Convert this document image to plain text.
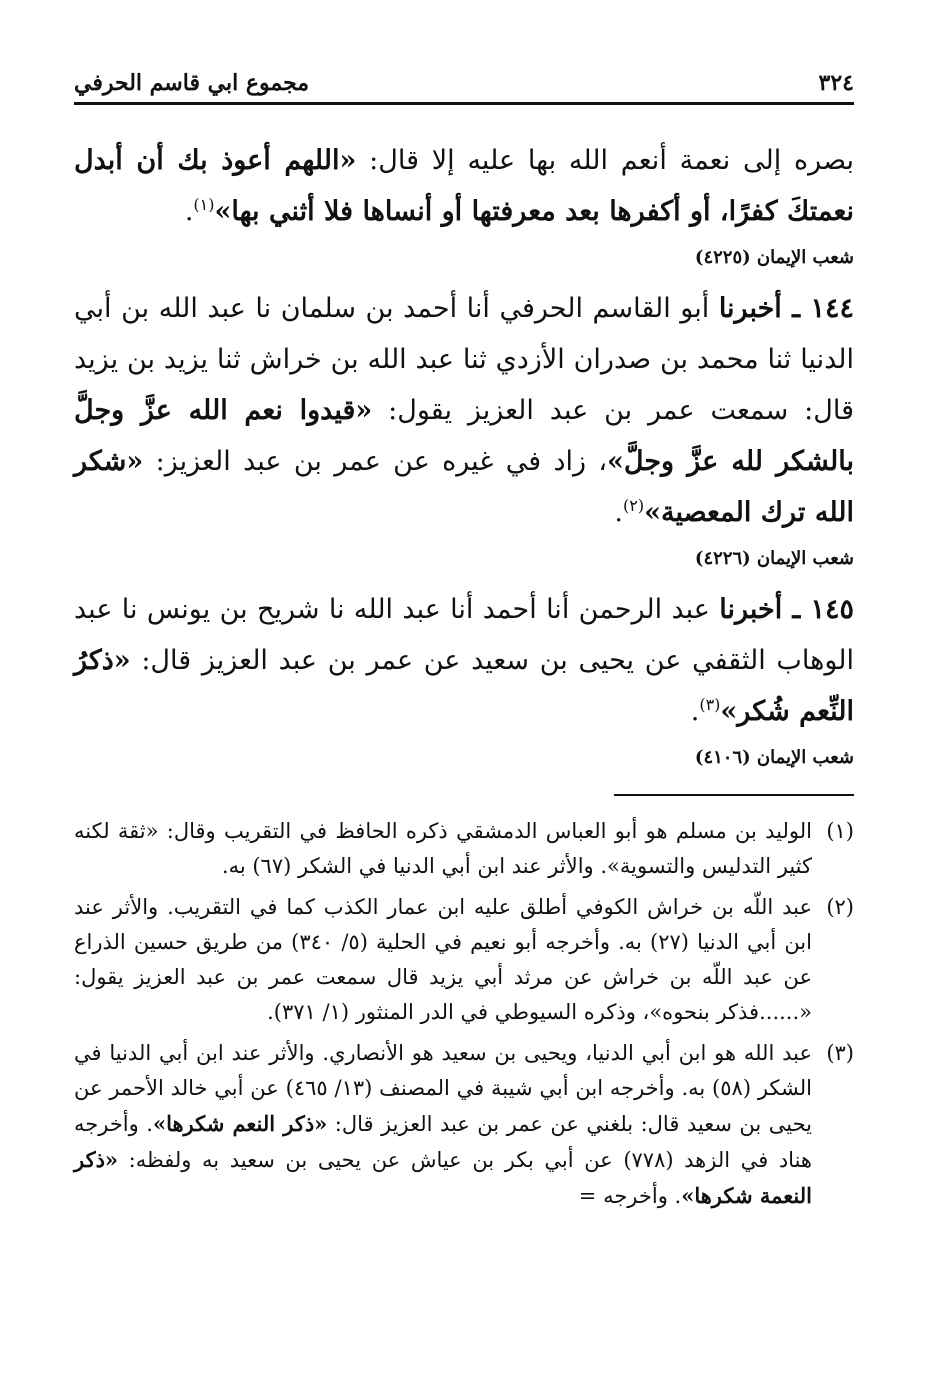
٣٢٤
مجموع ابي قاسم الحرفي

بصره إلى نعمة أنعم الله بها عليه إلا قال: «اللهم أعوذ بك أن أبدل نعمتكَ كفرًا، أو أكفرها بعد معرفتها أو أنساها فلا أثني بها»$^{(١)}$.

شعب الإيمان (٤٢٢٥)

١٤٤ ـ أخبرنا أبو القاسم الحرفي أنا أحمد بن سلمان نا عبد الله بن أبي الدنيا ثنا محمد بن صدران الأزدي ثنا عبد الله بن خراش ثنا يزيد بن يزيد قال: سمعت عمر بن عبد العزيز يقول: «قيدوا نعم الله عزَّ وجلَّ بالشكر لله عزَّ وجلَّ»، زاد في غيره عن عمر بن عبد العزيز: «شكر الله ترك المعصية»$^{(٢)}$.

شعب الإيمان (٤٢٢٦)

١٤٥ ـ أخبرنا عبد الرحمن أنا أحمد أنا عبد الله نا شريح بن يونس نا عبد الوهاب الثقفي عن يحيى بن سعيد عن عمر بن عبد العزيز قال: «ذكرُ النِّعم شُكر»$^{(٣)}$.

شعب الإيمان (٤١٠٦)
(١)
الوليد بن مسلم هو أبو العباس الدمشقي ذكره الحافظ في التقريب وقال: «ثقة لكنه كثير التدليس والتسوية». والأثر عند ابن أبي الدنيا في الشكر (٦٧) به.
(٢)
عبد اللّه بن خراش الكوفي أطلق عليه ابن عمار الكذب كما في التقريب. والأثر عند ابن أبي الدنيا (٢٧) به. وأخرجه أبو نعيم في الحلية (٥/ ٣٤٠) من طريق حسين الذراع عن عبد اللّه بن خراش عن مرثد أبي يزيد قال سمعت عمر بن عبد العزيز يقول: «......فذكر بنحوه»، وذكره السيوطي في الدر المنثور (١/ ٣٧١).
(٣)
عبد الله هو ابن أبي الدنيا، ويحيى بن سعيد هو الأنصاري. والأثر عند ابن أبي الدنيا في الشكر (٥٨) به. وأخرجه ابن أبي شيبة في المصنف (١٣/ ٤٦٥) عن أبي خالد الأحمر عن يحيى بن سعيد قال: بلغني عن عمر بن عبد العزيز قال: «ذكر النعم شكرها». وأخرجه هناد في الزهد (٧٧٨) عن أبي بكر بن عياش عن يحيى بن سعيد به ولفظه: «ذكر النعمة شكرها». وأخرجه =
